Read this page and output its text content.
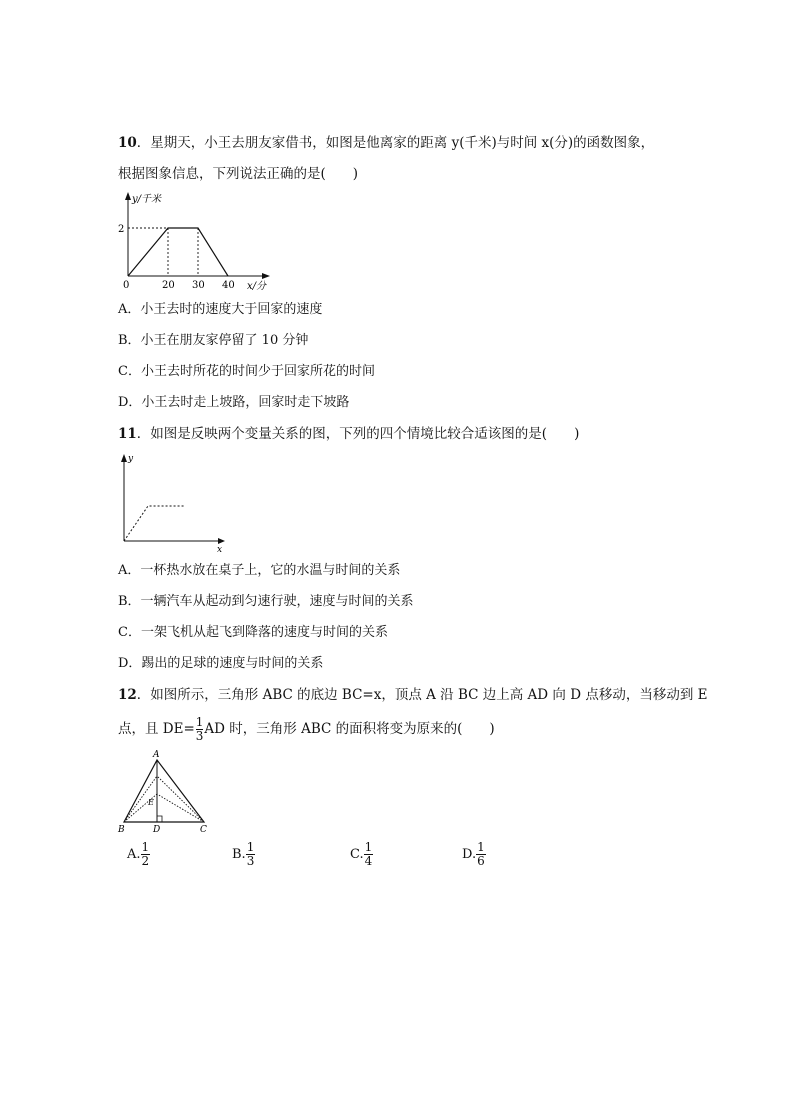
10．星期天，小王去朋友家借书，如图是他离家的距离 y(千米)与时间 x(分)的函数图象，
根据图象信息，下列说法正确的是(　　)
y/千米
2
0	20 30 40 x/分
A．小王去时的速度大于回家的速度
B．小王在朋友家停留了 10 分钟
C．小王去时所花的时间少于回家所花的时间
D．小王去时走上坡路，回家时走下坡路
11．如图是反映两个变量关系的图，下列的四个情境比较合适该图的是(　　)
y
x
A．一杯热水放在桌子上，它的水温与时间的关系
B．一辆汽车从起动到匀速行驶，速度与时间的关系
C．一架飞机从起飞到降落的速度与时间的关系
D．踢出的足球的速度与时间的关系
12．如图所示，三角形 ABC 的底边 BC=x，顶点 A 沿 BC 边上高 AD 向 D 点移动，当移动到 E
点，且 $DE= \frac{1}{3}$ AD 时，三角形 ABC 的面积将变为原来的(　　)
A
E
B	D	C
A. $\frac{1}{2}$	B. $\frac{1}{3}$	C. $\frac{1}{4}$	D. $\frac{1}{6}$
